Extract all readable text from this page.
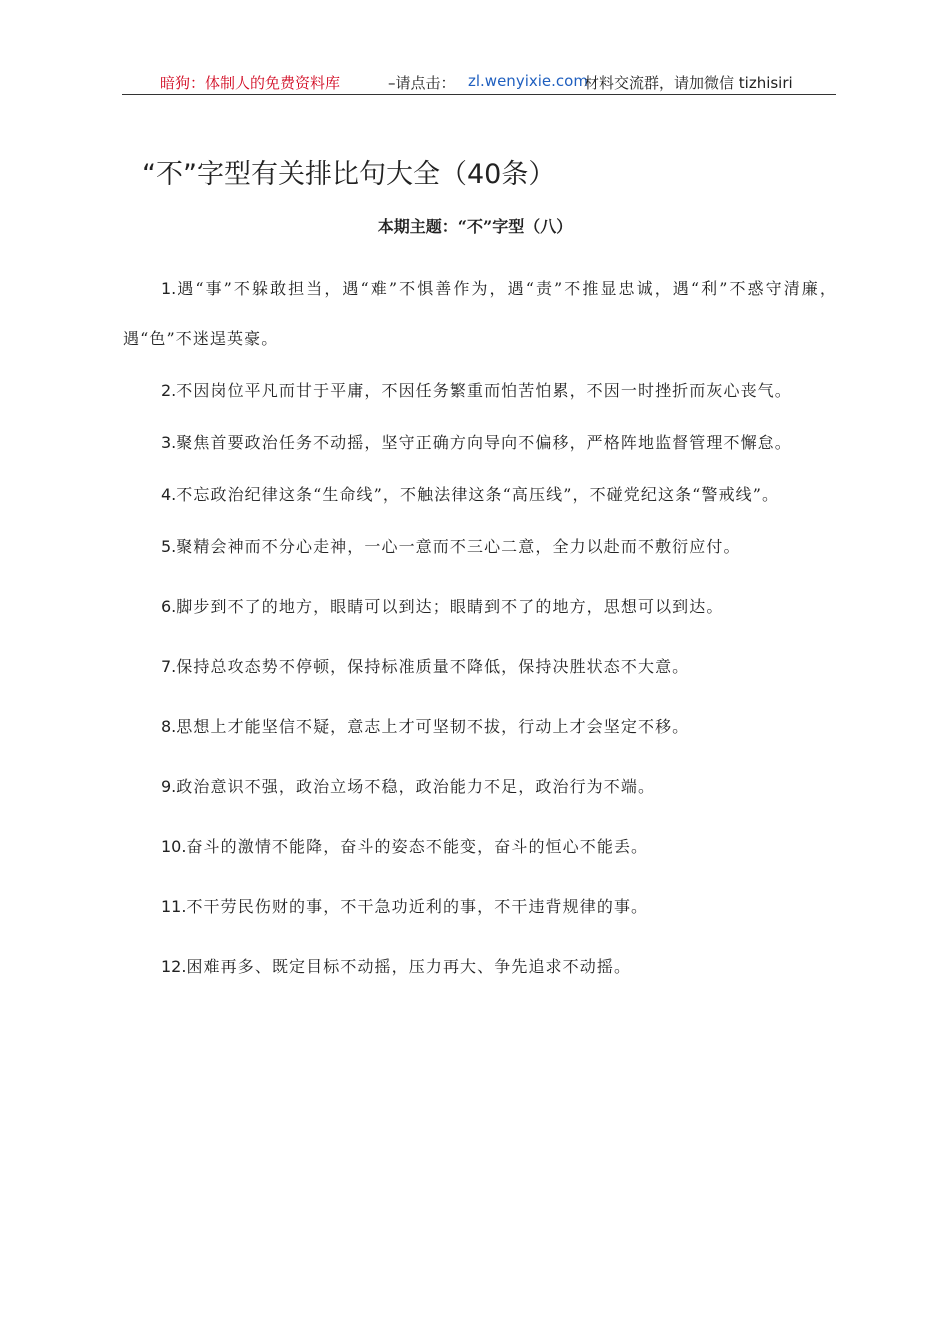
暗狗：体制人的免费资料库	–请点击： zl.wenyixie.com
材料交流群，请加微信 tizhisiri
“不”字型有关排比句大全（40条）

本期主题：“不”字型（八）

1.遇“事”不躲敢担当，遇“难”不惧善作为，遇“责”不推显忠诚，遇“利”不惑守清廉，遇“色”不迷逞英豪。
2.不因岗位平凡而甘于平庸，不因任务繁重而怕苦怕累，不因一时挫折而灰心丧气。
3.聚焦首要政治任务不动摇，坚守正确方向导向不偏移，严格阵地监督管理不懈怠。
4.不忘政治纪律这条“生命线”，不触法律这条“高压线”，不碰党纪这条“警戒线”。
5.聚精会神而不分心走神，一心一意而不三心二意，全力以赴而不敷衍应付。
6.脚步到不了的地方，眼睛可以到达；眼睛到不了的地方，思想可以到达。
7.保持总攻态势不停顿，保持标准质量不降低，保持决胜状态不大意。
8.思想上才能坚信不疑，意志上才可坚韧不拔，行动上才会坚定不移。
9.政治意识不强，政治立场不稳，政治能力不足，政治行为不端。
10.奋斗的激情不能降，奋斗的姿态不能变，奋斗的恒心不能丢。
11.不干劳民伤财的事，不干急功近利的事，不干违背规律的事。
12.困难再多、既定目标不动摇，压力再大、争先追求不动摇。
